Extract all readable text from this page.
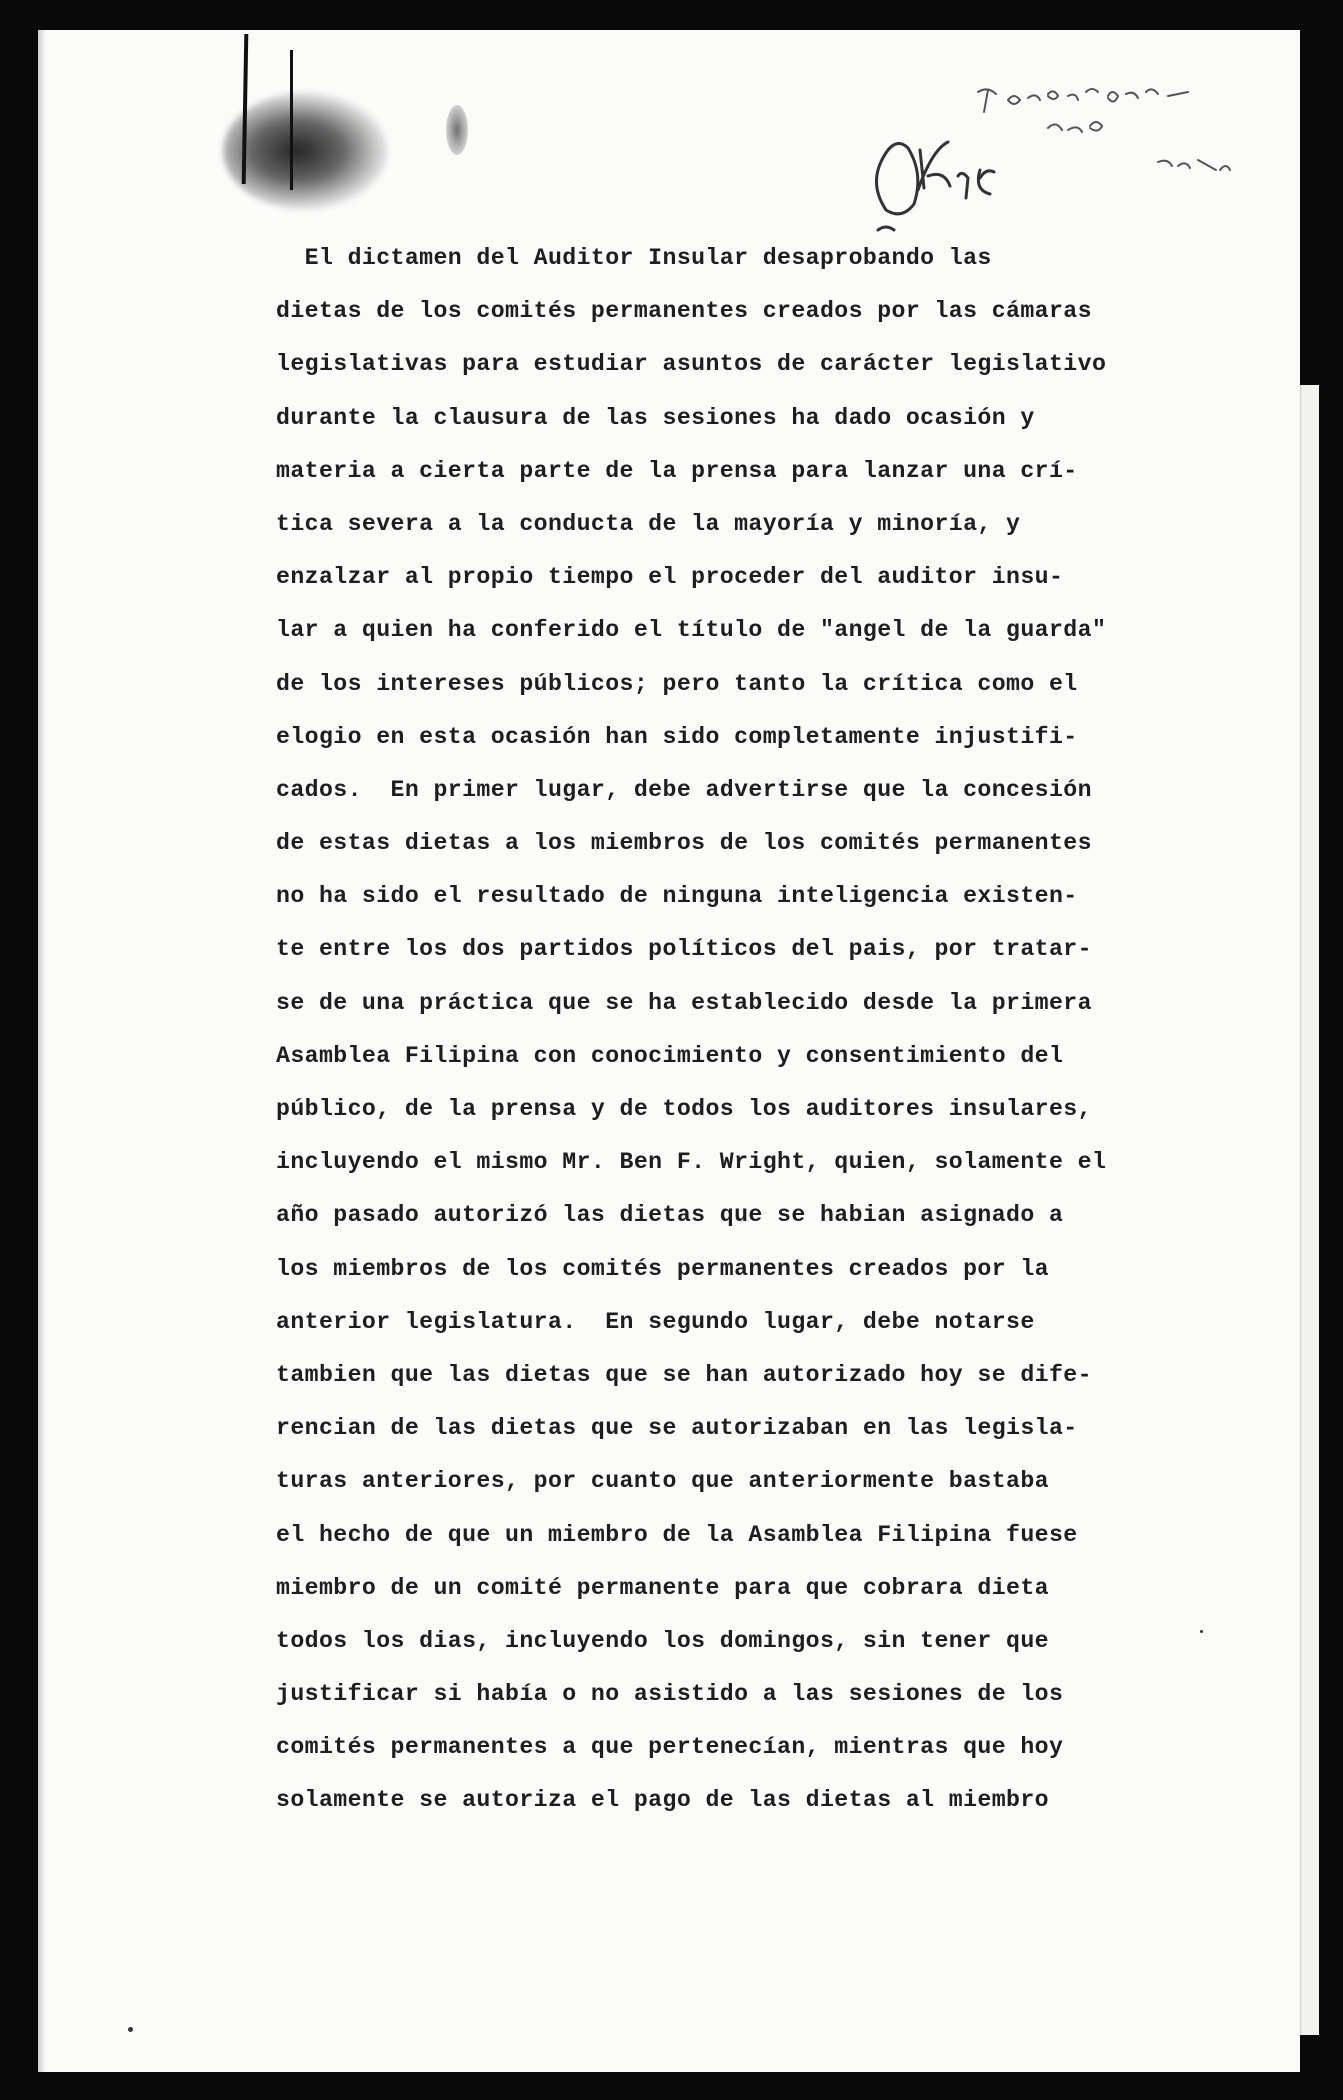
El dictamen del Auditor Insular desaprobando las
dietas de los comités permanentes creados por las cámaras
legislativas para estudiar asuntos de carácter legislativo
durante la clausura de las sesiones ha dado ocasión y
materia a cierta parte de la prensa para lanzar una crí-
tica severa a la conducta de la mayoría y minoría, y
enzalzar al propio tiempo el proceder del auditor insu-
lar a quien ha conferido el título de "angel de la guarda"
de los intereses públicos; pero tanto la crítica como el
elogio en esta ocasión han sido completamente injustifi-
cados.  En primer lugar, debe advertirse que la concesión
de estas dietas a los miembros de los comités permanentes
no ha sido el resultado de ninguna inteligencia existen-
te entre los dos partidos políticos del pais, por tratar-
se de una práctica que se ha establecido desde la primera
Asamblea Filipina con conocimiento y consentimiento del
público, de la prensa y de todos los auditores insulares,
incluyendo el mismo Mr. Ben F. Wright, quien, solamente el
año pasado autorizó las dietas que se habian asignado a
los miembros de los comités permanentes creados por la
anterior legislatura.  En segundo lugar, debe notarse
tambien que las dietas que se han autorizado hoy se dife-
rencian de las dietas que se autorizaban en las legisla-
turas anteriores, por cuanto que anteriormente bastaba
el hecho de que un miembro de la Asamblea Filipina fuese
miembro de un comité permanente para que cobrara dieta
todos los dias, incluyendo los domingos, sin tener que
justificar si había o no asistido a las sesiones de los
comités permanentes a que pertenecían, mientras que hoy
solamente se autoriza el pago de las dietas al miembro
